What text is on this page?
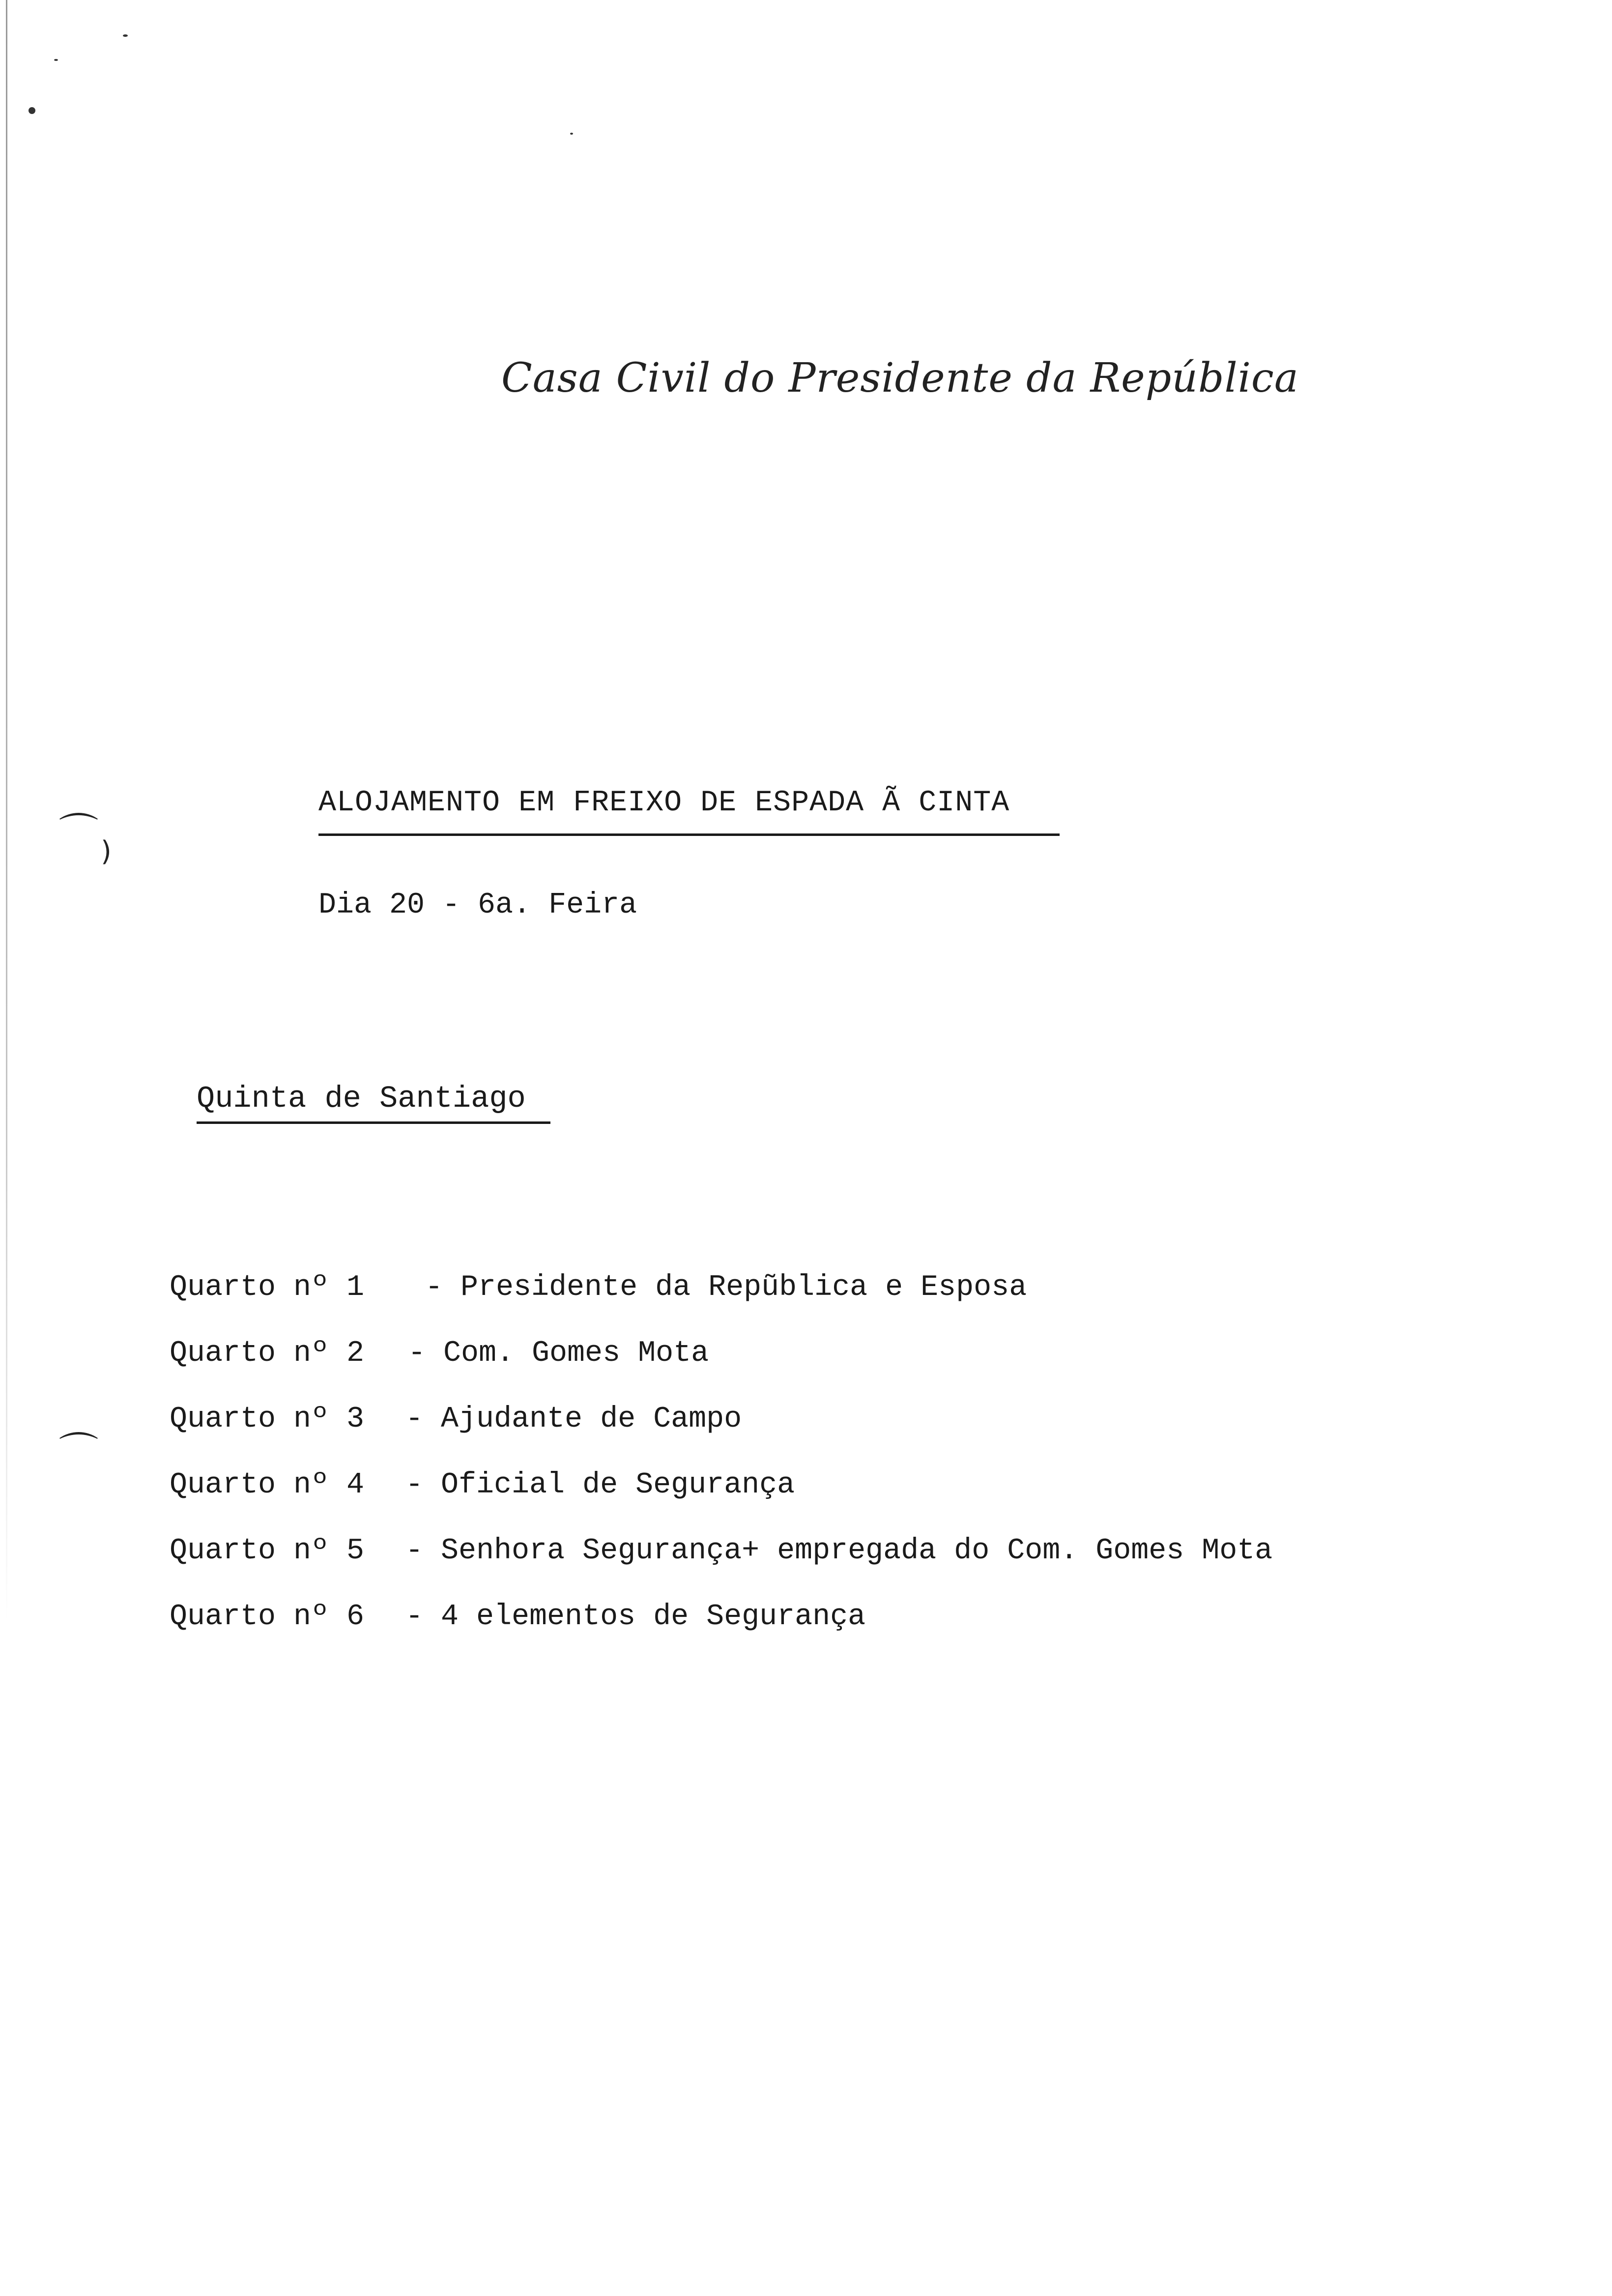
⌒ )
⌒
Casa Civil do Presidente da República
ALOJAMENTO EM FREIXO DE ESPADA Ã CINTA
Dia 20 - 6a. Feira
Quinta de Santiago
Quarto nº 1 - Presidente da Repũblica e Esposa
Quarto nº 2 - Com. Gomes Mota
Quarto nº 3 - Ajudante de Campo
Quarto nº 4 - Oficial de Segurança
Quarto nº 5 - Senhora Segurança+ empregada do Com. Gomes Mota
Quarto nº 6 - 4 elementos de Segurança
